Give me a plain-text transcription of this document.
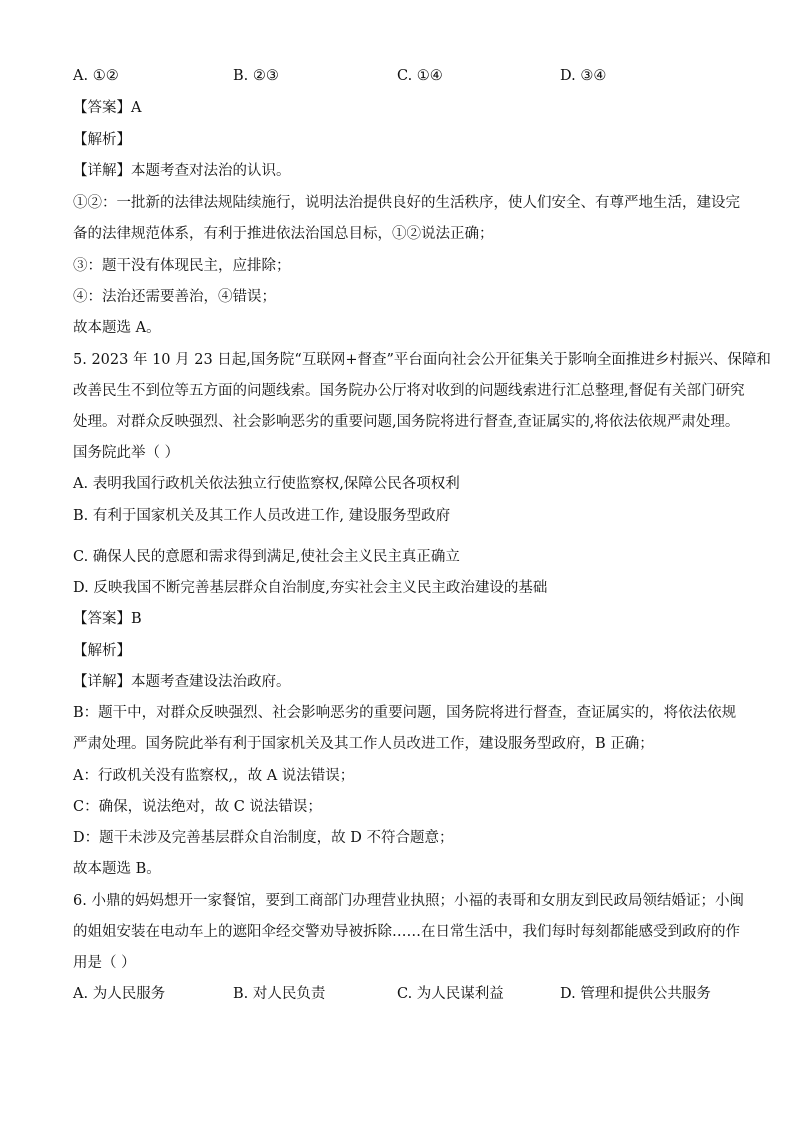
A. ①②	B. ②③	C. ①④	D. ③④
【答案】A
【解析】
【详解】本题考查对法治的认识。
①②：一批新的法律法规陆续施行，说明法治提供良好的生活秩序，使人们安全、有尊严地生活，建设完
备的法律规范体系，有利于推进依法治国总目标，①②说法正确；
③：题干没有体现民主，应排除；
④：法治还需要善治，④错误；
故本题选 A。
5. 2023 年 10 月 23 日起,国务院“互联网+督查”平台面向社会公开征集关于影响全面推进乡村振兴、保障和
改善民生不到位等五方面的问题线索。国务院办公厅将对收到的问题线索进行汇总整理,督促有关部门研究
处理。对群众反映强烈、社会影响恶劣的重要问题,国务院将进行督查,查证属实的,将依法依规严肃处理。
国务院此举（ ）
A. 表明我国行政机关依法独立行使监察权,保障公民各项权利
B. 有利于国家机关及其工作人员改进工作, 建设服务型政府
C. 确保人民的意愿和需求得到满足,使社会主义民主真正确立
D. 反映我国不断完善基层群众自治制度,夯实社会主义民主政治建设的基础
【答案】B
【解析】
【详解】本题考查建设法治政府。
B：题干中，对群众反映强烈、社会影响恶劣的重要问题，国务院将进行督查，查证属实的，将依法依规
严肃处理。国务院此举有利于国家机关及其工作人员改进工作，建设服务型政府，B 正确；
A：行政机关没有监察权,，故 A 说法错误；
C：确保，说法绝对，故 C 说法错误；
D：题干未涉及完善基层群众自治制度，故 D 不符合题意；
故本题选 B。
6. 小鼎的妈妈想开一家餐馆，要到工商部门办理营业执照；小福的表哥和女朋友到民政局领结婚证；小闽
的姐姐安装在电动车上的遮阳伞经交警劝导被拆除……在日常生活中，我们每时每刻都能感受到政府的作
用是（ ）
A. 为人民服务	B. 对人民负责	C. 为人民谋利益	D. 管理和提供公共服务
